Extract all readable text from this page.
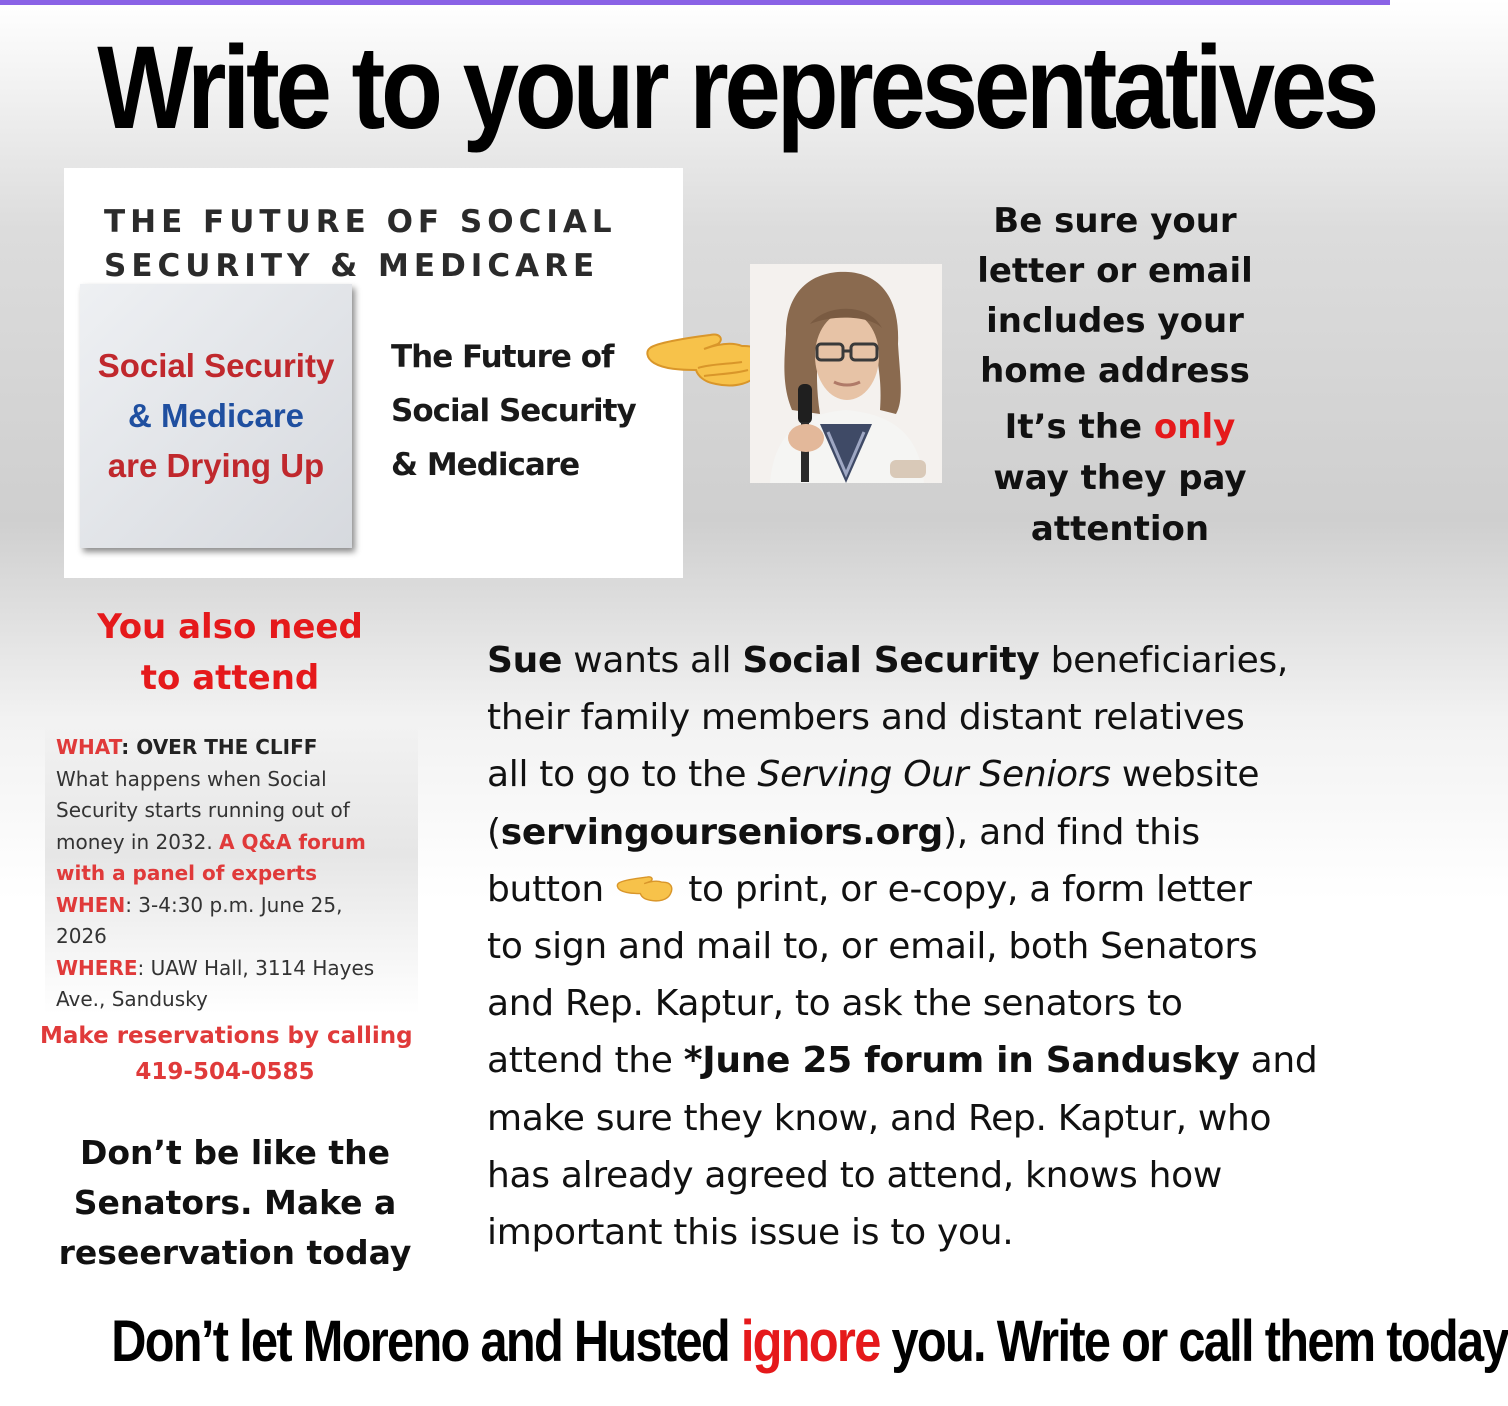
Write to your representatives
THE FUTURE OF SOCIAL
SECURITY & MEDICARE
Social Security
& Medicare
are Drying Up
The Future of
Social Security
& Medicare
Be sure your
letter or email
includes your
home address
It’s the only
way they pay
attention
You also need
to attend
WHAT: OVER THE CLIFF
What happens when Social
Security starts running out of
money in 2032. A Q&A forum
with a panel of experts
WHEN: 3-4:30 p.m. June 25,
2026
WHERE: UAW Hall, 3114 Hayes
Ave., Sandusky
Make reservations by calling
419-504-0585
Don’t be like the
Senators. Make a
reseervation today
Sue wants all Social Security beneficiaries,
their family members and distant relatives
all to go to the Serving Our Seniors website
(servingourseniors.org), and find this
button  to print, or e-copy, a form letter
to sign and mail to, or email, both Senators
and Rep. Kaptur, to ask the senators to
attend the *June 25 forum in Sandusky and
make sure they know, and Rep. Kaptur, who
has already agreed to attend, knows how
important this issue is to you.
Don’t let Moreno and Husted ignore you. Write or call them today
